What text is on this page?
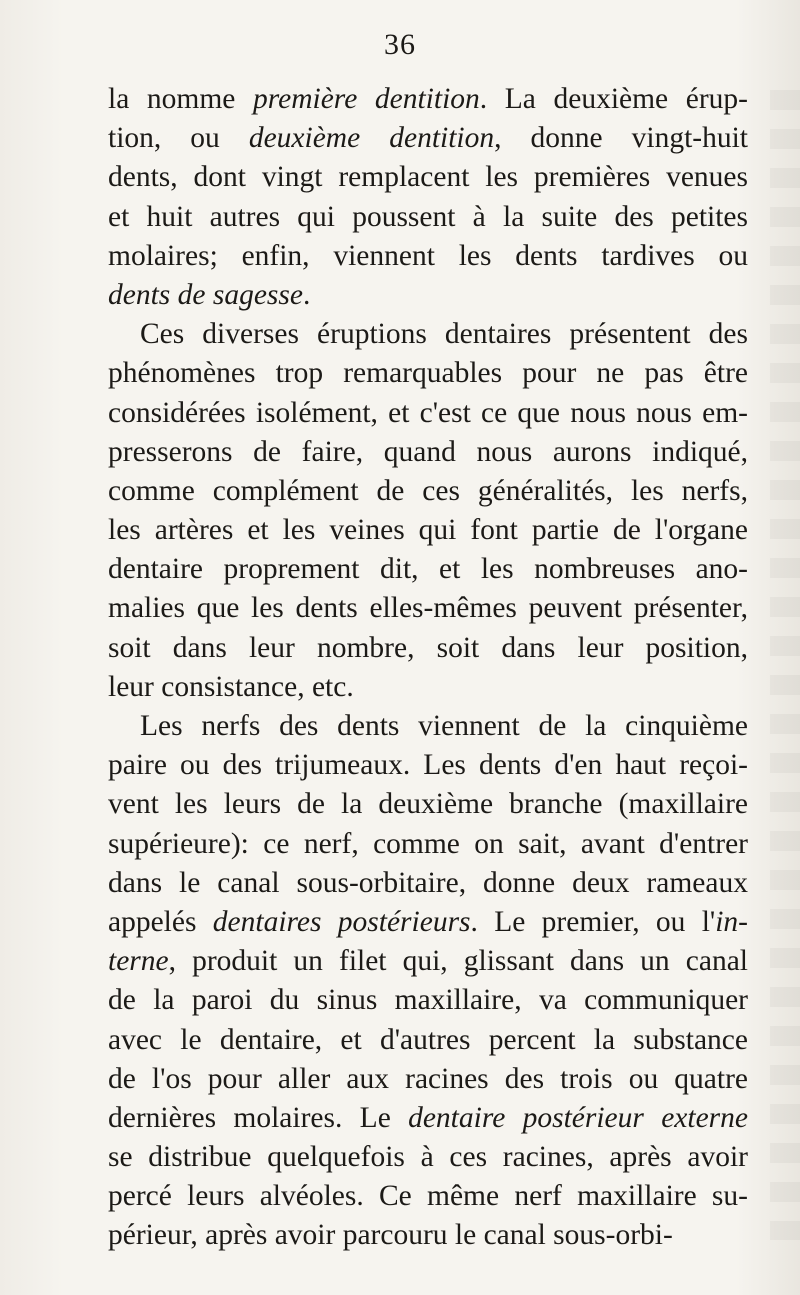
36
la nomme première dentition. La deuxième érup-
tion, ou deuxième dentition, donne vingt-huit
dents, dont vingt remplacent les premières venues
et huit autres qui poussent à la suite des petites
molaires; enfin, viennent les dents tardives ou
dents de sagesse.
Ces diverses éruptions dentaires présentent des
phénomènes trop remarquables pour ne pas être
considérées isolément, et c'est ce que nous nous em-
presserons de faire, quand nous aurons indiqué,
comme complément de ces généralités, les nerfs,
les artères et les veines qui font partie de l'organe
dentaire proprement dit, et les nombreuses ano-
malies que les dents elles-mêmes peuvent présenter,
soit dans leur nombre, soit dans leur position,
leur consistance, etc.
Les nerfs des dents viennent de la cinquième
paire ou des trijumeaux. Les dents d'en haut reçoi-
vent les leurs de la deuxième branche (maxillaire
supérieure): ce nerf, comme on sait, avant d'entrer
dans le canal sous-orbitaire, donne deux rameaux
appelés dentaires postérieurs. Le premier, ou l'in-
terne, produit un filet qui, glissant dans un canal
de la paroi du sinus maxillaire, va communiquer
avec le dentaire, et d'autres percent la substance
de l'os pour aller aux racines des trois ou quatre
dernières molaires. Le dentaire postérieur externe
se distribue quelquefois à ces racines, après avoir
percé leurs alvéoles. Ce même nerf maxillaire su-
périeur, après avoir parcouru le canal sous-orbi-
